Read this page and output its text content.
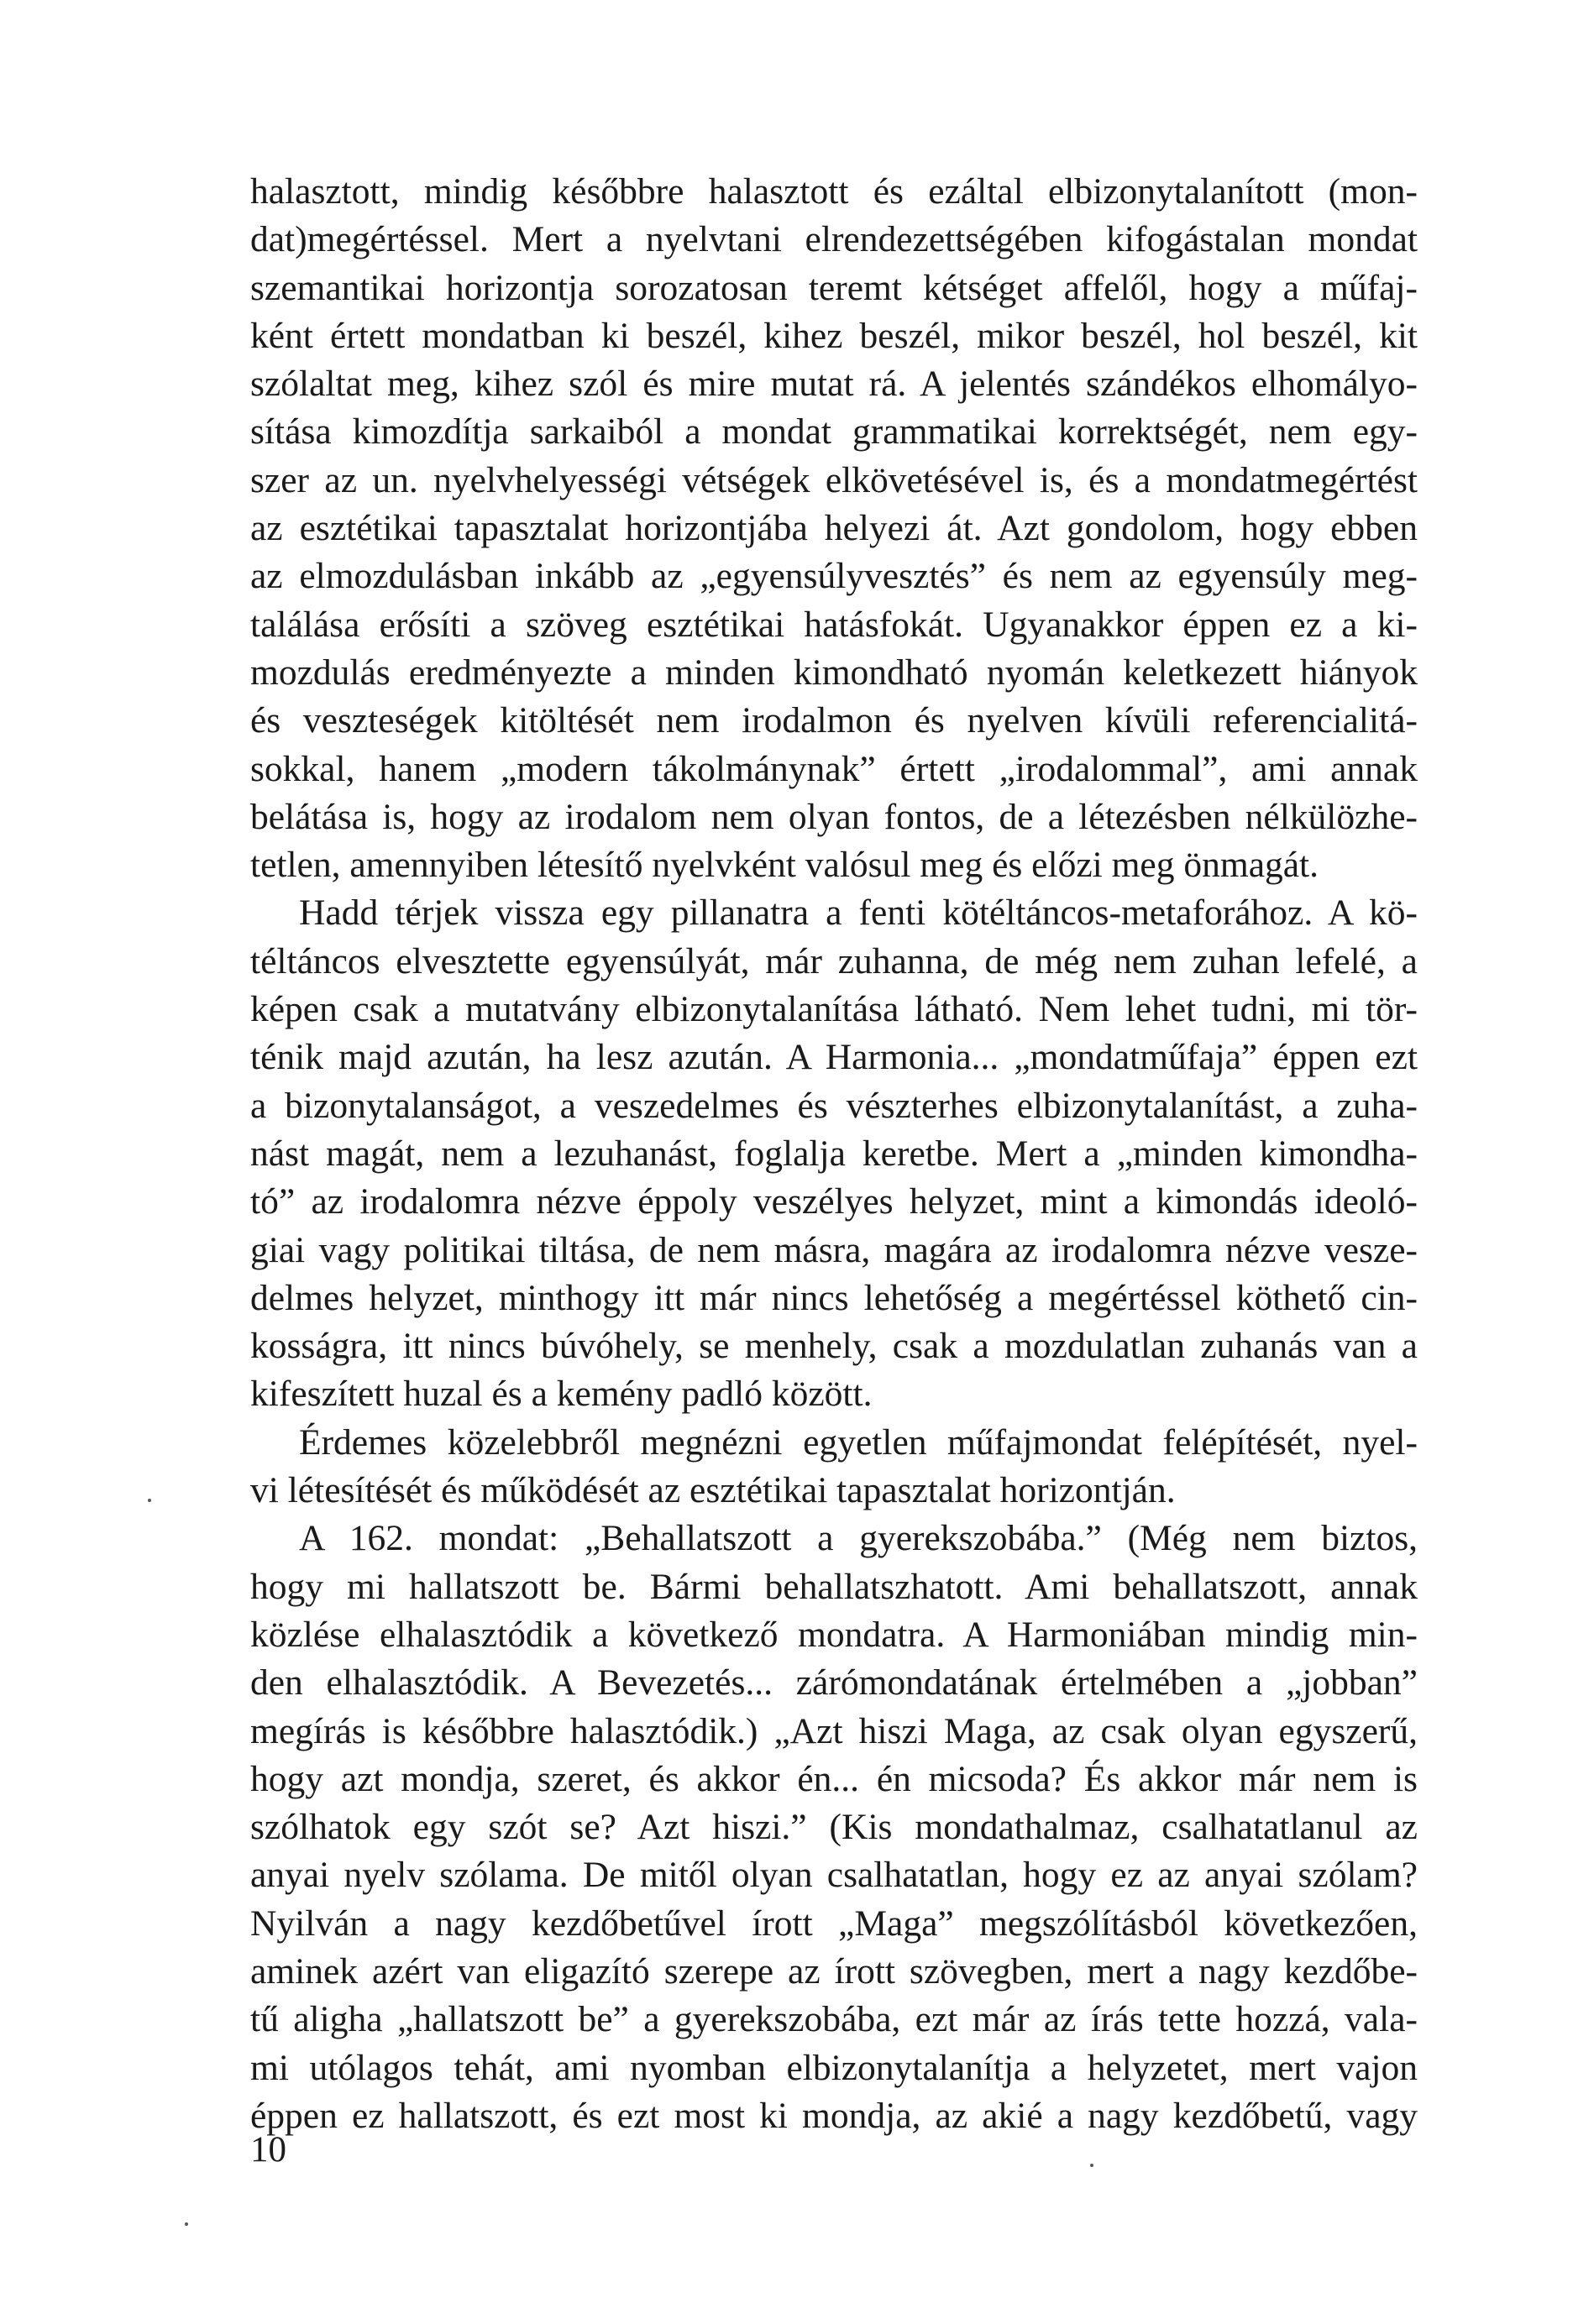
halasztott, mindig későbbre halasztott és ezáltal elbizonytalanított (mon-
dat)megértéssel. Mert a nyelvtani elrendezettségében kifogástalan mondat
szemantikai horizontja sorozatosan teremt kétséget affelől, hogy a műfaj-
ként értett mondatban ki beszél, kihez beszél, mikor beszél, hol beszél, kit
szólaltat meg, kihez szól és mire mutat rá. A jelentés szándékos elhomályo-
sítása kimozdítja sarkaiból a mondat grammatikai korrektségét, nem egy-
szer az un. nyelvhelyességi vétségek elkövetésével is, és a mondatmegértést
az esztétikai tapasztalat horizontjába helyezi át. Azt gondolom, hogy ebben
az elmozdulásban inkább az „egyensúlyvesztés” és nem az egyensúly meg-
találása erősíti a szöveg esztétikai hatásfokát. Ugyanakkor éppen ez a ki-
mozdulás eredményezte a minden kimondható nyomán keletkezett hiányok
és veszteségek kitöltését nem irodalmon és nyelven kívüli referencialitá-
sokkal, hanem „modern tákolmánynak” értett „irodalommal”, ami annak
belátása is, hogy az irodalom nem olyan fontos, de a létezésben nélkülözhe-
tetlen, amennyiben létesítő nyelvként valósul meg és előzi meg önmagát.
Hadd térjek vissza egy pillanatra a fenti kötéltáncos-metaforához. A kö-
téltáncos elvesztette egyensúlyát, már zuhanna, de még nem zuhan lefelé, a
képen csak a mutatvány elbizonytalanítása látható. Nem lehet tudni, mi tör-
ténik majd azután, ha lesz azután. A Harmonia... „mondatműfaja” éppen ezt
a bizonytalanságot, a veszedelmes és vészterhes elbizonytalanítást, a zuha-
nást magát, nem a lezuhanást, foglalja keretbe. Mert a „minden kimondha-
tó” az irodalomra nézve éppoly veszélyes helyzet, mint a kimondás ideoló-
giai vagy politikai tiltása, de nem másra, magára az irodalomra nézve vesze-
delmes helyzet, minthogy itt már nincs lehetőség a megértéssel köthető cin-
kosságra, itt nincs búvóhely, se menhely, csak a mozdulatlan zuhanás van a
kifeszített huzal és a kemény padló között.
Érdemes közelebbről megnézni egyetlen műfajmondat felépítését, nyel-
vi létesítését és működését az esztétikai tapasztalat horizontján.
A 162. mondat: „Behallatszott a gyerekszobába.” (Még nem biztos,
hogy mi hallatszott be. Bármi behallatszhatott. Ami behallatszott, annak
közlése elhalasztódik a következő mondatra. A Harmoniában mindig min-
den elhalasztódik. A Bevezetés... zárómondatának értelmében a „jobban”
megírás is későbbre halasztódik.) „Azt hiszi Maga, az csak olyan egyszerű,
hogy azt mondja, szeret, és akkor én... én micsoda? És akkor már nem is
szólhatok egy szót se? Azt hiszi.” (Kis mondathalmaz, csalhatatlanul az
anyai nyelv szólama. De mitől olyan csalhatatlan, hogy ez az anyai szólam?
Nyilván a nagy kezdőbetűvel írott „Maga” megszólításból következően,
aminek azért van eligazító szerepe az írott szövegben, mert a nagy kezdőbe-
tű aligha „hallatszott be” a gyerekszobába, ezt már az írás tette hozzá, vala-
mi utólagos tehát, ami nyomban elbizonytalanítja a helyzetet, mert vajon
éppen ez hallatszott, és ezt most ki mondja, az akié a nagy kezdőbetű, vagy
10
